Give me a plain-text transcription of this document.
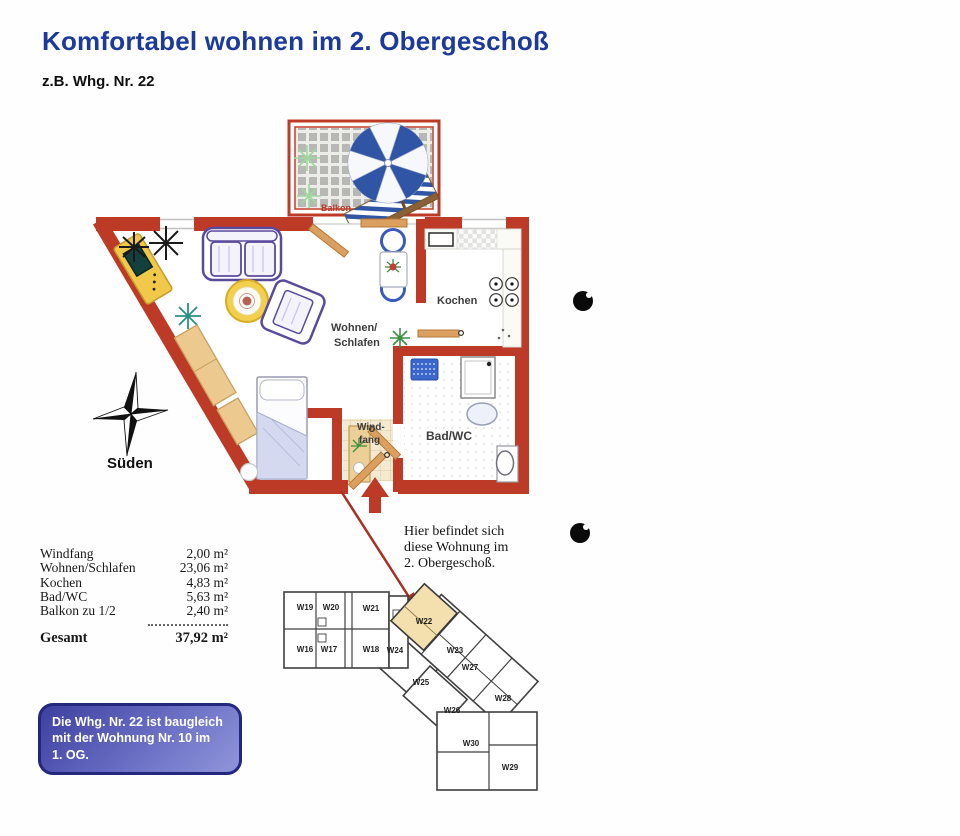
Komfortabel wohnen im 2. Obergeschoß
z.B. Whg. Nr. 22
Balkon
Wohnen/
Schlafen
Kochen
Wind-
fang	Bad/WC
Süden
W19 W20	W21
W22
W16 W17	W18 W24	W23
W27
W25
W28
W26
W30
W29
Windfang	2,00 m²
Wohnen/Schlafen	23,06 m²
Kochen	4,83 m²
Bad/WC	5,63 m²
Balkon zu 1/2	2,40 m²
Gesamt	37,92 m²
Hier befindet sich
diese Wohnung im
2. Obergeschoß.
Die Whg. Nr. 22 ist baugleich
mit der Wohnung Nr. 10 im
1. OG.
